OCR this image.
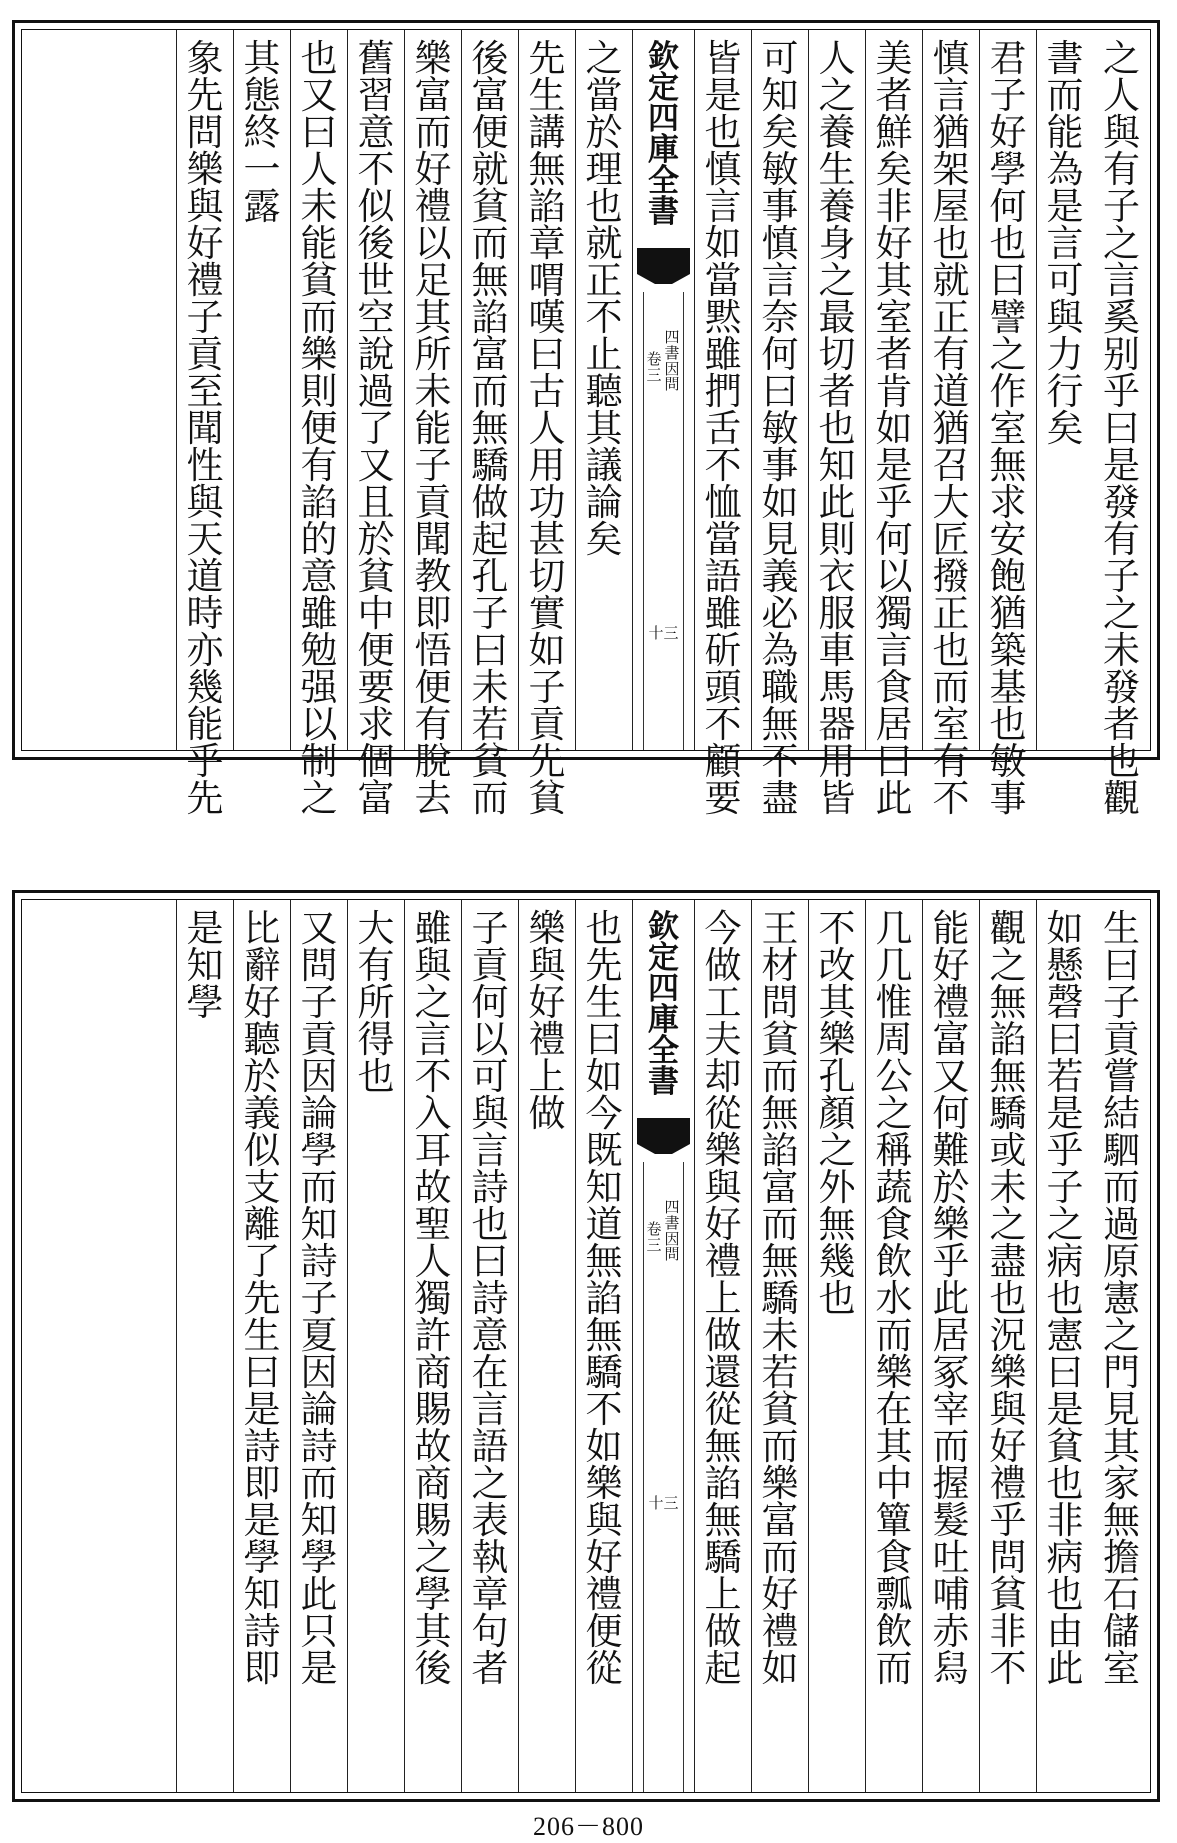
之人與有子之言奚别乎曰是發有子之未發者也觀
書而能為是言可與力行矣
君子好學何也曰譬之作室無求安飽猶築基也敏事
慎言猶架屋也就正有道猶召大匠撥正也而室有不
美者鮮矣非好其室者肯如是乎何以獨言食居曰此
人之養生養身之最切者也知此則衣服車馬器用皆
可知矣敏事慎言奈何曰敏事如見義必為職無不盡
皆是也慎言如當黙雖捫舌不恤當語雖斫頭不顧要
欽定四庫全書
四書因問
卷三
十三
之當於理也就正不止聽其議論矣
先生講無諂章喟嘆曰古人用功甚切實如子貢先貧
後富便就貧而無諂富而無驕做起孔子曰未若貧而
樂富而好禮以足其所未能子貢聞教即悟便有脫去
舊習意不似後世空說過了又且於貧中便要求個富
也又曰人未能貧而樂則便有諂的意雖勉强以制之
其態終一露
象先問樂與好禮子貢至聞性與天道時亦幾能乎先
生曰子貢嘗結駟而過原憲之門見其家無擔石儲室
如懸磬曰若是乎子之病也憲曰是貧也非病也由此
觀之無諂無驕或未之盡也況樂與好禮乎問貧非不
能好禮富又何難於樂乎此居冢宰而握髮吐哺赤舄
几几惟周公之稱蔬食飲水而樂在其中簞食瓢飲而
不改其樂孔顏之外無幾也
王材問貧而無諂富而無驕未若貧而樂富而好禮如
今做工夫却從樂與好禮上做還從無諂無驕上做起
欽定四庫全書
四書因問
卷三
十三
也先生曰如今既知道無諂無驕不如樂與好禮便從
樂與好禮上做
子貢何以可與言詩也曰詩意在言語之表執章句者
雖與之言不入耳故聖人獨許商賜故商賜之學其後
大有所得也
又問子貢因論學而知詩子夏因論詩而知學此只是
比辭好聽於義似支離了先生曰是詩即是學知詩即
是知學
206－800
